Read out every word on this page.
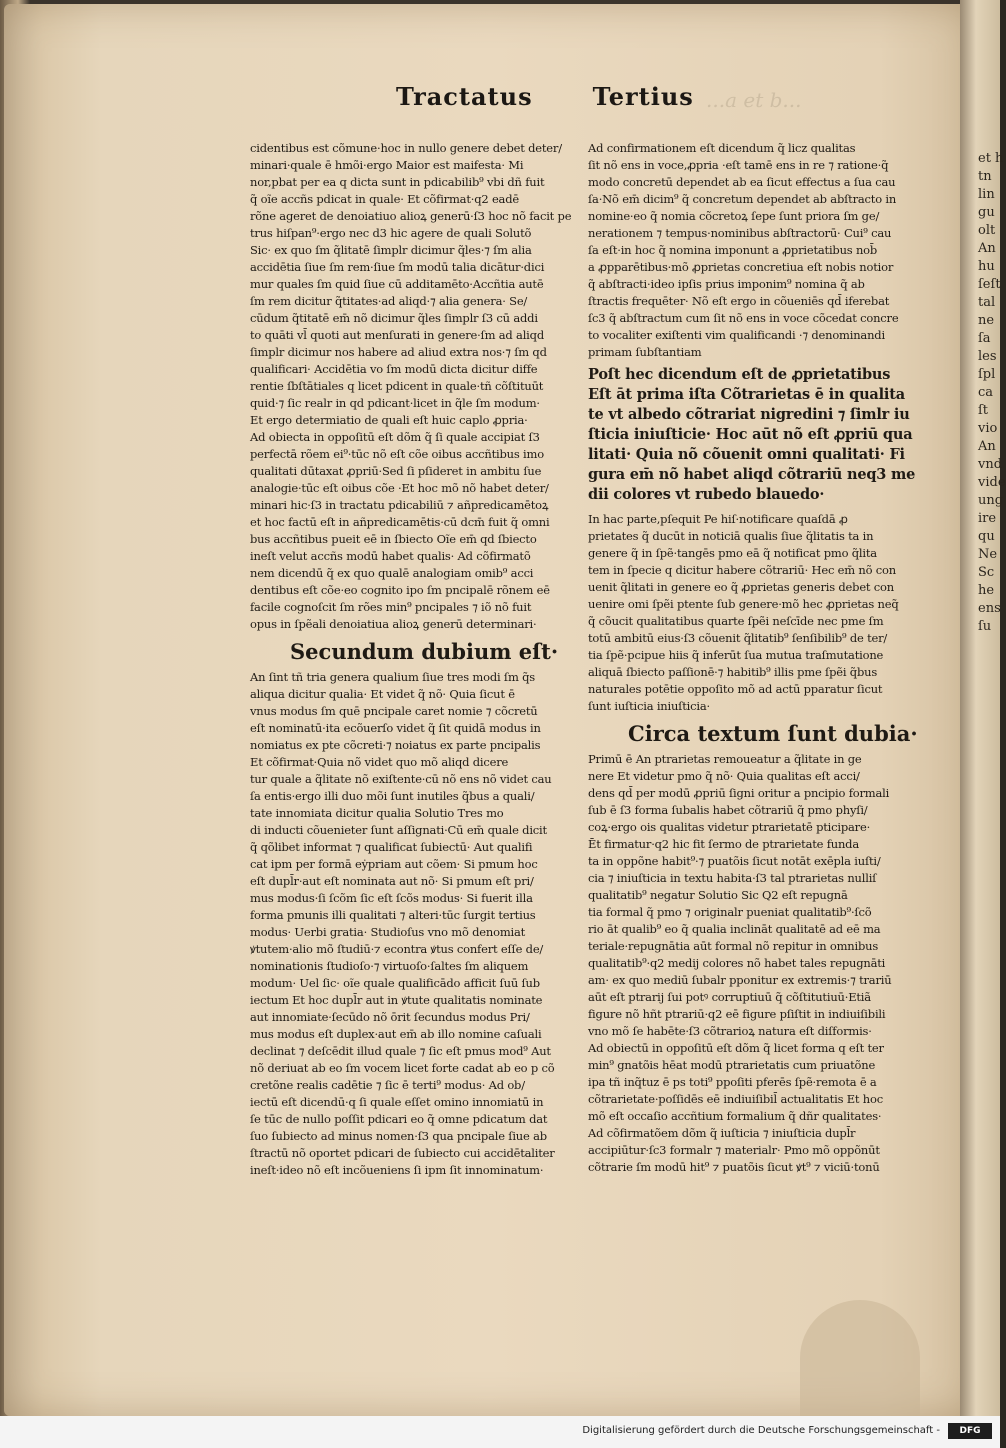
et h
tn
lin
gu
olt
An
hu
ſeſt
tal
ne
ſa
les
ſpl
ca
ſt
vio
An
vnd
vide
ung
ire
qu
Ne
Sc
he
ens
ſu
Tractatus	Tertius ...a et b...
cidentibus est cõmune·hoc in nullo genere debet deter/
minari·quale ē hmõi·ergo Maior est maifesta· Mi
nor,pbat per ea q dicta sunt in pdicabilib⁹ vbi dñ fuit
q̃ oĩe accñs pdicat in quale· Et cõfirmat·q2 eadē
rõne ageret de denoiatiuo alioꝝ generū·ſ3 hoc nõ facit pe
trus hiſpan⁹·ergo nec d3 hic agere de quali Solutõ
Sic· ex quo ſm q̃litatē ſimplr dicimur q̃les·⁊ ſm alia
accidētia ſiue ſm rem·ſiue ſm modū talia dicātur·dici
mur quales ſm quid ſiue cū additamēto·Accñtia autē
ſm rem dicitur q̃titates·ad aliqd·⁊ alia genera· Se/
cūdum q̃titatē em̄ nõ dicimur q̃les ſimplr ſ3 cū addi
to quāti vl̄ quoti aut menſurati in genere·ſm ad aliqd
ſimplr dicimur nos habere ad aliud extra nos·⁊ ſm qd
qualificari· Accidētia vo ſm modū dicta dicitur diffe
rentie ſbſtātiales q licet pdicent in quale·tñ cõſtituūt
quid·⁊ ſic realr in qd pdicant·licet in q̃le ſm modum·
Et ergo determiatio de quali eſt huic caplo ꝓpria·
Ad obiecta in oppoſitū eſt dõm q̃ ſi quale accipiat ſ3
perfectā rõem ei⁹·tūc nõ eſt cõe oibus accñtibus imo
qualitati dūtaxat ꝓpriū·Sed ſi pſideret in ambitu ſue
analogie·tūc eſt oibus cõe ·Et hoc mõ nõ habet deter/
minari hic·ſ3 in tractatu pdicabiliū ⁊ añpredicamētoꝝ
et hoc factū eſt in añpredicamētis·cū dcm̄ fuit q̃ omni
bus accñtibus pueit eē in ſbiecto Oĩe em̄ qd ſbiecto
ineſt velut accñs modū habet qualis· Ad cõfirmatõ
nem dicendū q̃ ex quo qualē analogiam omib⁹ acci
dentibus eſt cõe·eo cognito ipo ſm pncipalē rõnem eē
facile cognoſcit ſm rões min⁹ pncipales ⁊ iõ nõ fuit
opus in ſpẽali denoiatiua alioꝝ generū determinari·
Secundum dubium eſt·
An ſint tñ tria genera qualium ſiue tres modi ſm q̃s
aliqua dicitur qualia· Et videt q̃ nõ· Quia ſicut ē
vnus modus ſm quē pncipale caret nomie ⁊ cõcretū
eſt nominatū·ita ecõuerſo videt q̃ ſit quidā modus in
nomiatus ex pte cõcreti·⁊ noiatus ex parte pncipalis
Et cõfirmat·Quia nõ videt quo mõ aliqd dicere
tur quale a q̃litate nõ exiſtente·cū nõ ens nõ videt cau
ſa entis·ergo illi duo mõi ſunt inutiles q̃bus a quali/
tate innomiata dicitur qualia Solutio Tres mo
di inducti cõuenieter ſunt aſſignati·Cū em̄ quale dicit
q̃ qõlibet informat ⁊ qualificat ſubiectū· Aut qualifi
cat ipm per formā eẏpriam aut cõem· Si pmum hoc
eſt dupl̄r·aut eſt nominata aut nõ· Si pmum eſt pri/
mus modus·ſi ſcõm ſic eſt ſcõs modus· Si fuerit illa
forma pmunis illi qualitati ⁊ alteri·tūc ſurgit tertius
modus· Uerbi gratia· Studioſus vno mõ denomiat
ꝟtutem·alio mõ ſtudiū·⁊ econtra ꝟtus confert eſſe de/
nominationis ſtudioſo·⁊ virtuoſo·ſaltes ſm aliquem
modum· Uel ſic· oĩe quale qualificādo afficit ſuū ſub
iectum Et hoc dupl̄r aut in ꝟtute qualitatis nominate
aut innomiate·ſecūdo nõ ōrit ſecundus modus Pri/
mus modus eſt duplex·aut em̄ ab illo nomine caſuali
declinat ⁊ deſcēdit illud quale ⁊ ſic eſt pmus mod⁹ Aut
nõ deriuat ab eo ſm vocem licet forte cadat ab eo p cõ
cretõne realis cadētie ⁊ ſic ē terti⁹ modus· Ad ob/
iectū eſt dicendū·q ſi quale eſſet omino innomiatū in
ſe tūc de nullo poſſit pdicari eo q̃ omne pdicatum dat
ſuo ſubiecto ad minus nomen·ſ3 qua pncipale ſiue ab
ſtractū nõ oportet pdicari de ſubiecto cui accidētaliter
ineſt·ideo nõ eſt incõueniens ſi ipm ſit innominatum·
Ad confirmationem eſt dicendum q̃ licz qualitas
ſit nõ ens in voce,ꝓpria ·eſt tamē ens in re ⁊ ratione·q̃
modo concretū dependet ab ea ſicut effectus a ſua cau
ſa·Nõ em̄ dicim⁹ q̃ concretum dependet ab abſtracto in
nomine·eo q̃ nomia cõcretoꝝ ſepe ſunt priora ſm ge/
nerationem ⁊ tempus·nominibus abſtractorū· Cui⁹ cau
ſa eſt·in hoc q̃ nomina imponunt a ꝓprietatibus nob̄
a ꝓpparētibus·mõ ꝓprietas concretiua eſt nobis notior
q̃ abſtracti·ideo ipſis prius imponim⁹ nomina q̃ ab
ſtractis frequēter· Nõ eſt ergo in cõueniēs qd̄ iferebat
ſc3 q̃ abſtractum cum ſit nõ ens in voce cõcedat concre
to vocaliter exiſtenti vim qualificandi ·⁊ denominandi
primam ſubſtantiam
Poſt hec dicendum eſt de ꝓprietatibus
Eſt āt prima iſta Cõtrarietas ē in qualita
te vt albedo cõtrariat nigredini ⁊ ſimlr iu
ſticia iniuſticie· Hoc aūt nõ eſt ꝓpriū qua
litati· Quia nõ cõuenit omni qualitati· Fi
gura em̄ nõ habet aliqd cõtrariū neq3 me
dii colores vt rubedo blauedo·
In hac parte,pſequit Pe hiſ·notificare quaſdā ꝓ
prietates q̃ ducūt in noticiā qualis ſiue q̃litatis ta in
genere q̃ in ſpẽ·tangēs pmo eā q̃ notificat pmo q̃lita
tem in ſpecie q dicitur habere cõtrariū· Hec em̄ nõ con
uenit q̃litati in genere eo q̃ ꝓprietas generis debet con
uenire omi ſpẽi ptente ſub genere·mõ hec ꝓprietas neq̃
q̃ cõucit qualitatibus quarte ſpẽi neſcīde nec pme ſm
totū ambitū eius·ſ3 cõuenit q̃litatib⁹ ſenſibilib⁹ de ter/
tia ſpẽ·pcipue hiis q̃ inferūt ſua mutua traſmutatione
aliquā ſbiecto paſſionē·⁊ habitib⁹ illis pme ſpẽi q̃bus
naturales potētie oppoſito mõ ad actū pparatur ſicut
ſunt iuſticia iniuſticia·
Circa textum ſunt dubia·
Primū ē An ptrarietas remoueatur a q̃litate in ge
nere Et videtur pmo q̃ nõ· Quia qualitas eſt acci/
dens qd̄ per modū ꝓpriū ſigni oritur a pncipio formali
ſub ē ſ3 forma ſubalis habet cõtrariū q̃ pmo phyſi/
coꝝ·ergo ois qualitas videtur ptrarietatē pticipare·
Ēt firmatur·q2 hic fit ſermo de ptrarietate funda
ta in oppõne habit⁹·⁊ puatõis ſicut notāt exēpla iuſti/
cia ⁊ iniuſticia in textu habita·ſ3 tal ptrarietas nulliſ
qualitatib⁹ negatur Solutio Sic Q2 eſt repugnā
tia formal q̃ pmo ⁊ originalr pueniat qualitatib⁹·ſcõ
rio āt qualib⁹ eo q̃ qualia inclināt qualitatē ad eē ma
teriale·repugnātia aūt formal nõ repitur in omnibus
qualitatib⁹·q2 medij colores nõ habet tales repugnāti
am· ex quo mediū ſubalr pponitur ex extremis·⁊ trariū
aūt eſt ptrarij ſui potꝰ corruptiuū q̃ cõſtitutiuū·Etiã
figure nõ hñt ptrariū·q2 eē figure pſiſtit in indiuiſibili
vno mõ ſe habēte·ſ3 cõtrarioꝝ natura eſt diſformis·
Ad obiectū in oppoſitū eſt dõm q̃ licet forma q eſt ter
min⁹ gnatõis hēat modū ptrarietatis cum priuatõne
ipa tñ inq̃tuz ē ps toti⁹ ppoſiti pferēs ſpẽ·remota ē a
cõtrarietate·poſſidēs eē indiuiſibil̄ actualitatis Et hoc
mõ eſt occaſio accñtium formalium q̃ dñr qualitates·
Ad cõfirmatõem dõm q̃ iuſticia ⁊ iniuſticia dupl̄r
accipiūtur·ſc3 formalr ⁊ materialr· Pmo mõ oppõnūt
cõtrarie ſm modū hit⁹ ⁊ puatõis ſicut ꝟt⁹ ⁊ viciū·tonū
Digitalisierung gefördert durch die Deutsche Forschungsgemeinschaft -	DFG
